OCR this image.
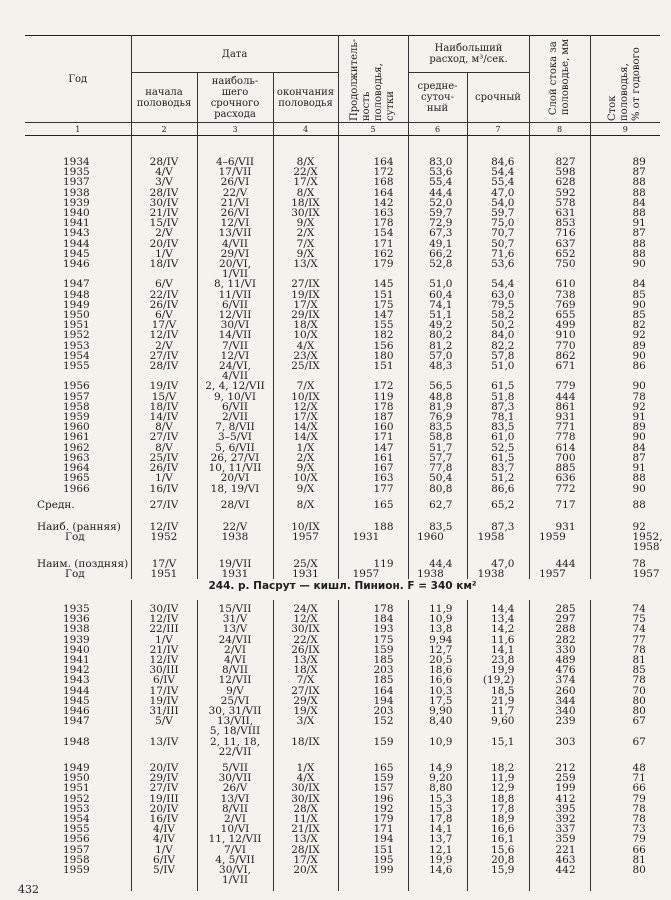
Год	Дата			Продолжитель-
ность половодья,
сутки	Наибольший
расход, м³/сек.		Слой стока за
половодье, мм	Сток половодья,
% от годового
	начала половодья	наиболь-
шего
срочного
расхода	окончания половодья		средне-
суточ-
ный	срочный		
1	2	3	4	5	6	7	8	9

1934	28/IV	4–6/VII	8/X	164	83,0	84,6	827	89
1935	4/V	17/VII	22/X	172	53,6	54,4	598	87
1937	3/V	26/VI	17/X	168	55,4	55,4	628	88
1938	28/IV	22/V	8/X	164	44,4	47,0	592	88
1939	30/IV	21/VI	18/IX	142	52,0	54,0	578	84
1940	21/IV	26/VI	30/IX	163	59,7	59,7	631	88
1941	15/IV	12/VI	9/X	178	72,9	75,0	853	91
1943	2/V	13/VII	2/X	154	67,3	70,7	716	87
1944	20/IV	4/VII	7/X	171	49,1	50,7	637	88
1945	1/V	29/VI	9/X	162	66,2	71,6	652	88
1946	18/IV	20/VI,
1/VII	13/X	179	52,8	53,6	750	90
1947	6/V	8, 11/VI	27/IX	145	51,0	54,4	610	84
1948	22/IV	11/VII	19/IX	151	60,4	63,0	738	85
1949	26/IV	6/VII	17/X	175	74,1	79,5	769	90
1950	6/V	12/VII	29/IX	147	51,1	58,2	655	85
1951	17/V	30/VI	18/X	155	49,2	50,2	499	82
1952	12/IV	14/VII	10/X	182	80,2	84,0	910	92
1953	2/V	7/VII	4/X	156	81,2	82,2	770	89
1954	27/IV	12/VI	23/X	180	57,0	57,8	862	90
1955	28/IV	24/VI,
4/VII	25/IX	151	48,3	51,0	671	86
1956	19/IV	2, 4, 12/VII	7/X	172	56,5	61,5	779	90
1957	15/V	9, 10/VI	10/IX	119	48,8	51,8	444	78
1958	18/IV	6/VII	12/X	178	81,9	87,3	861	92
1959	14/IV	2/VII	17/X	187	76,9	78,1	931	91
1960	8/V	7, 8/VII	14/X	160	83,5	83,5	771	89
1961	27/IV	3–5/VI	14/X	171	58,8	61,0	778	90
1962	8/V	5, 6/VII	1/X	147	51,7	52,5	614	84
1963	25/IV	26, 27/VI	2/X	161	57,7	61,5	700	87
1964	26/IV	10, 11/VII	9/X	167	77,8	83,7	885	91
1965	1/V	20/VI	10/X	163	50,4	51,2	636	88
1966	16/IV	18, 19/VI	9/X	177	80,8	86,6	772	90

Средн.	27/IV	28/VI	8/X	165	62,7	65,2	717	88

Наиб. (ранняя)	12/IV	22/V	10/IX	188	83,5	87,3	931	92
Год	1952	1938	1957	1931	1960	1958	1959	1952, 1958

Наим. (поздняя)	17/V	19/VII	25/X	119	44,4	47,0	444	78
Год	1951	1931	1931	1957	1938	1938	1957	1957
244. р. Пасрут — кишл. Пинион. F = 340 км²

1935	30/IV	15/VII	24/X	178	11,9	14,4	285	74
1936	12/IV	31/V	12/X	184	10,9	13,4	297	75
1938	22/III	13/V	30/IX	193	13,8	14,2	288	74
1939	1/V	24/VII	22/X	175	9,94	11,6	282	77
1940	21/IV	2/VI	26/IX	159	12,7	14,1	330	78
1941	12/IV	4/VI	13/X	185	20,5	23,8	489	81
1942	30/III	8/VII	18/X	203	18,6	19,9	476	85
1943	6/IV	12/VII	7/X	185	16,6	(19,2)	374	78
1944	17/IV	9/V	27/IX	164	10,3	18,5	260	70
1945	19/IV	25/VI	29/X	194	17,5	21,9	344	80
1946	31/III	30, 31/VII	19/X	203	9,90	11,7	340	80
1947	5/V	13/VII,
5, 18/VIII	3/X	152	8,40	9,60	239	67
1948	13/IV	2, 11, 18,
22/VII	18/IX	159	10,9	15,1	303	67

1949	20/IV	5/VII	1/X	165	14,9	18,2	212	48
1950	29/IV	30/VII	4/X	159	9,20	11,9	259	71
1951	27/IV	26/V	30/IX	157	8,80	12,9	199	66
1952	19/III	13/VI	30/IX	196	15,3	18,8	412	79
1953	20/IV	8/VII	28/X	192	15,3	17,8	395	78
1954	16/IV	2/VI	11/X	179	17,8	18,9	392	78
1955	4/IV	10/VI	21/IX	171	14,1	16,6	337	73
1956	4/IV	11, 12/VII	13/X	194	13,7	16,1	359	79
1957	1/V	7/VI	28/IX	151	12,1	15,6	221	66
1958	6/IV	4, 5/VII	17/X	195	19,9	20,8	463	81
1959	5/IV	30/VI,
1/VII	20/X	199	14,6	15,9	442	80

432
